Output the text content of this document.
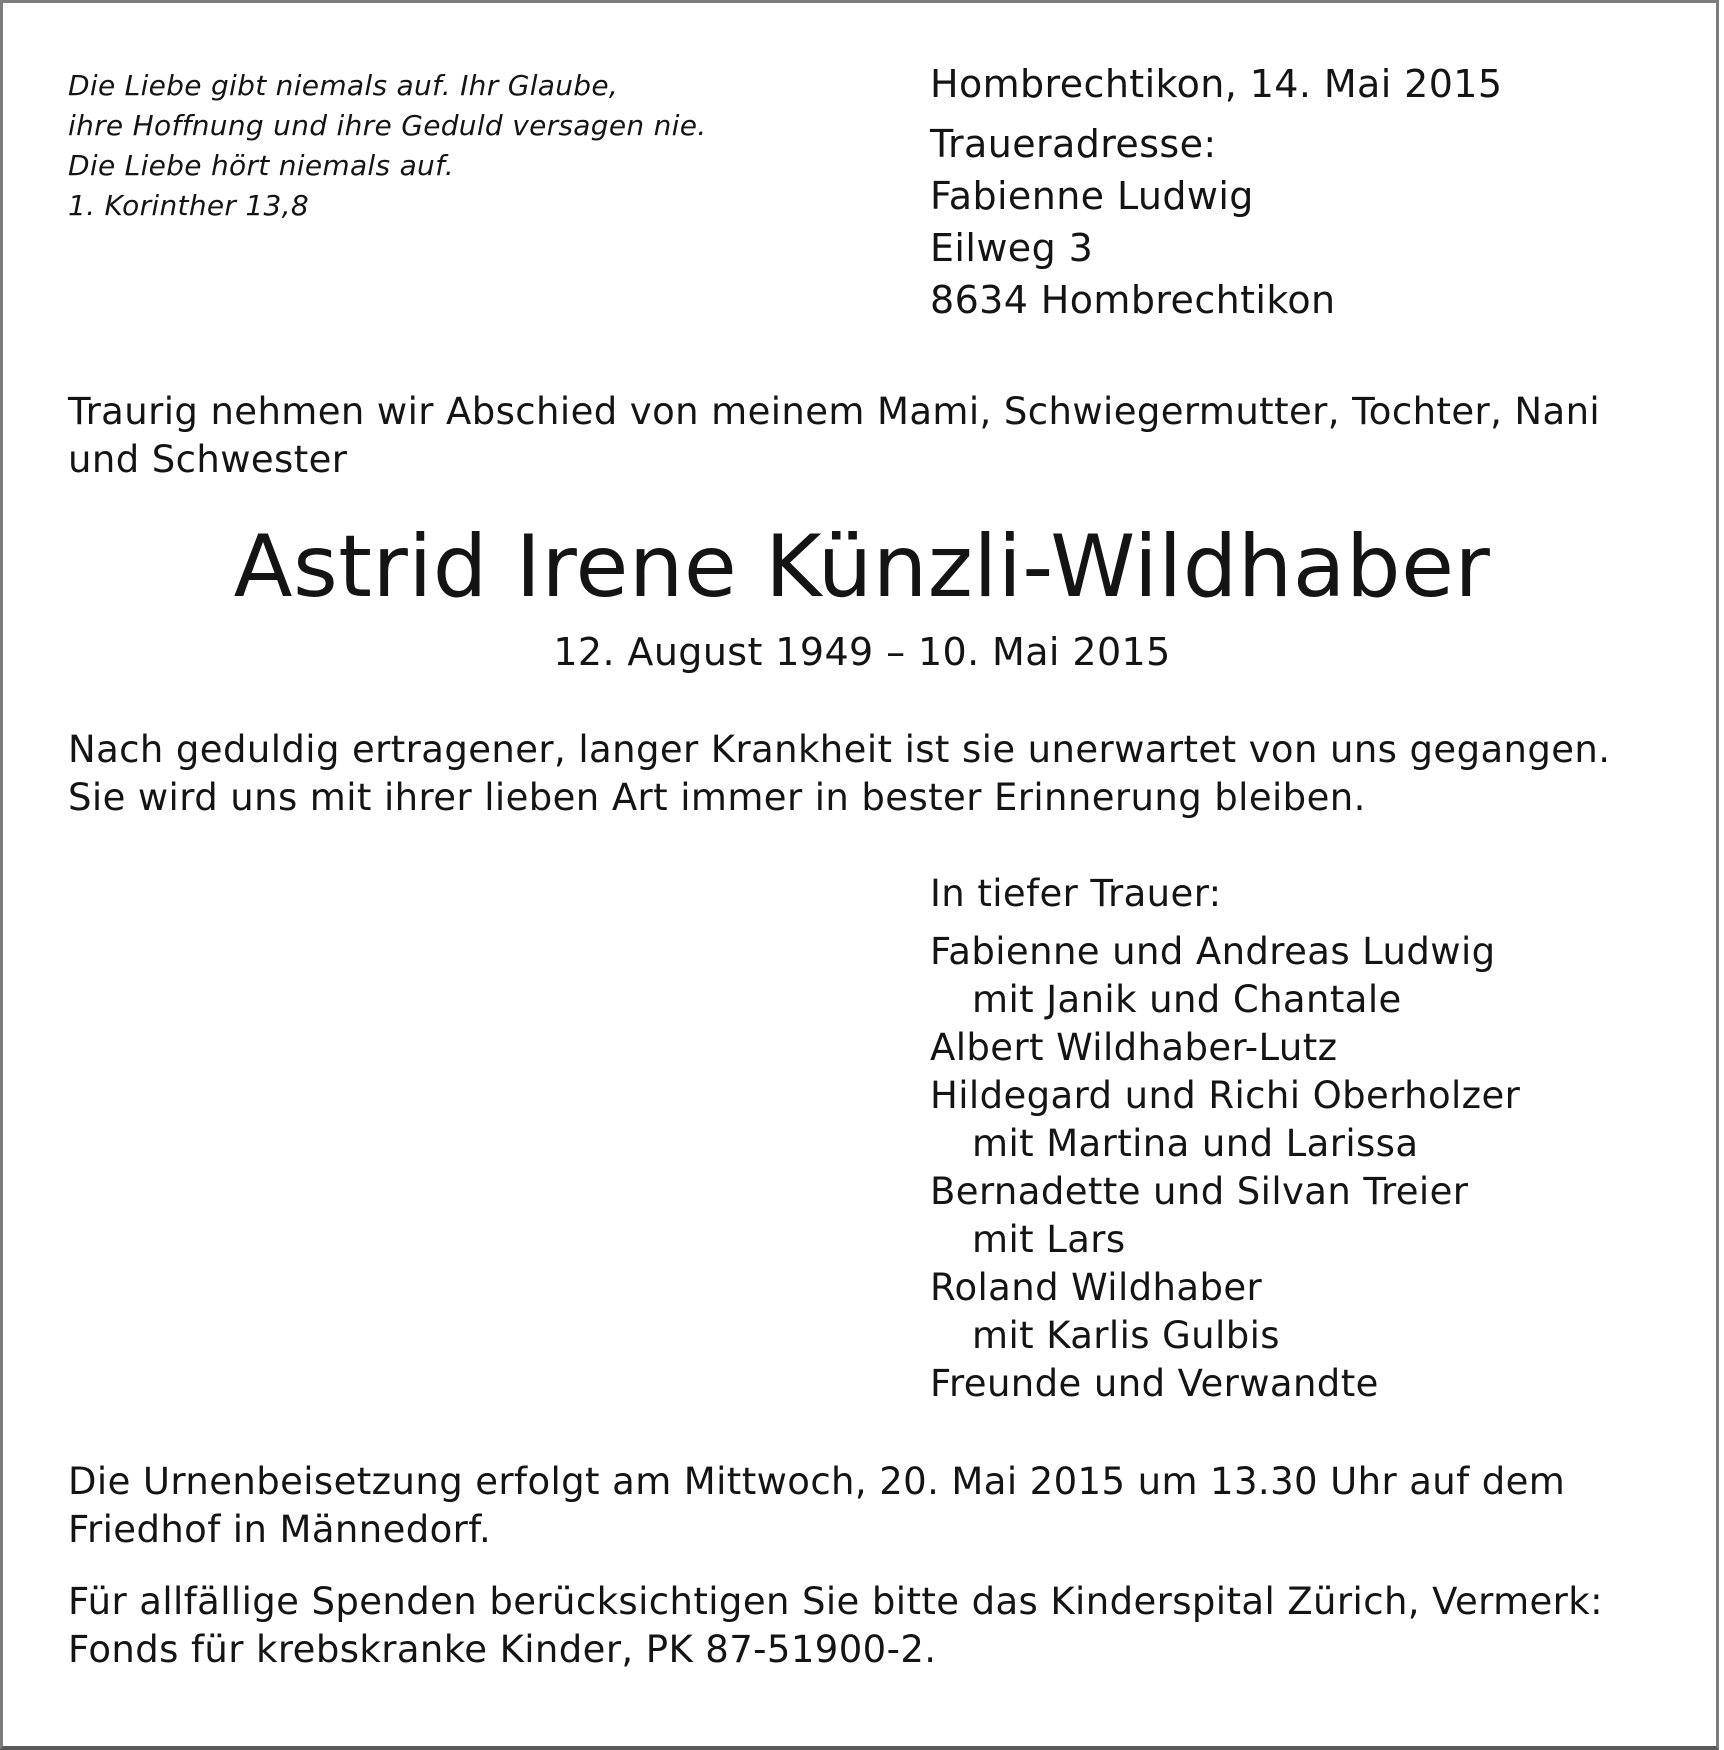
Die Liebe gibt niemals auf. Ihr Glaube,
ihre Hoffnung und ihre Geduld versagen nie.
Die Liebe hört niemals auf.
1. Korinther 13,8
Hombrechtikon, 14. Mai 2015
Traueradresse:
Fabienne Ludwig
Eilweg 3
8634 Hombrechtikon
Traurig nehmen wir Abschied von meinem Mami, Schwiegermutter, Tochter, Nani und Schwester
Astrid Irene Künzli-Wildhaber
12. August 1949 – 10. Mai 2015
Nach geduldig ertragener, langer Krankheit ist sie unerwartet von uns gegangen. Sie wird uns mit ihrer lieben Art immer in bester Erinnerung bleiben.
In tiefer Trauer:
Fabienne und Andreas Ludwig
mit Janik und Chantale
Albert Wildhaber-Lutz
Hildegard und Richi Oberholzer
mit Martina und Larissa
Bernadette und Silvan Treier
mit Lars
Roland Wildhaber
mit Karlis Gulbis
Freunde und Verwandte
Die Urnenbeisetzung erfolgt am Mittwoch, 20. Mai 2015 um 13.30 Uhr auf dem Friedhof in Männedorf.
Für allfällige Spenden berücksichtigen Sie bitte das Kinderspital Zürich, Vermerk: Fonds für krebskranke Kinder, PK 87-51900-2.
